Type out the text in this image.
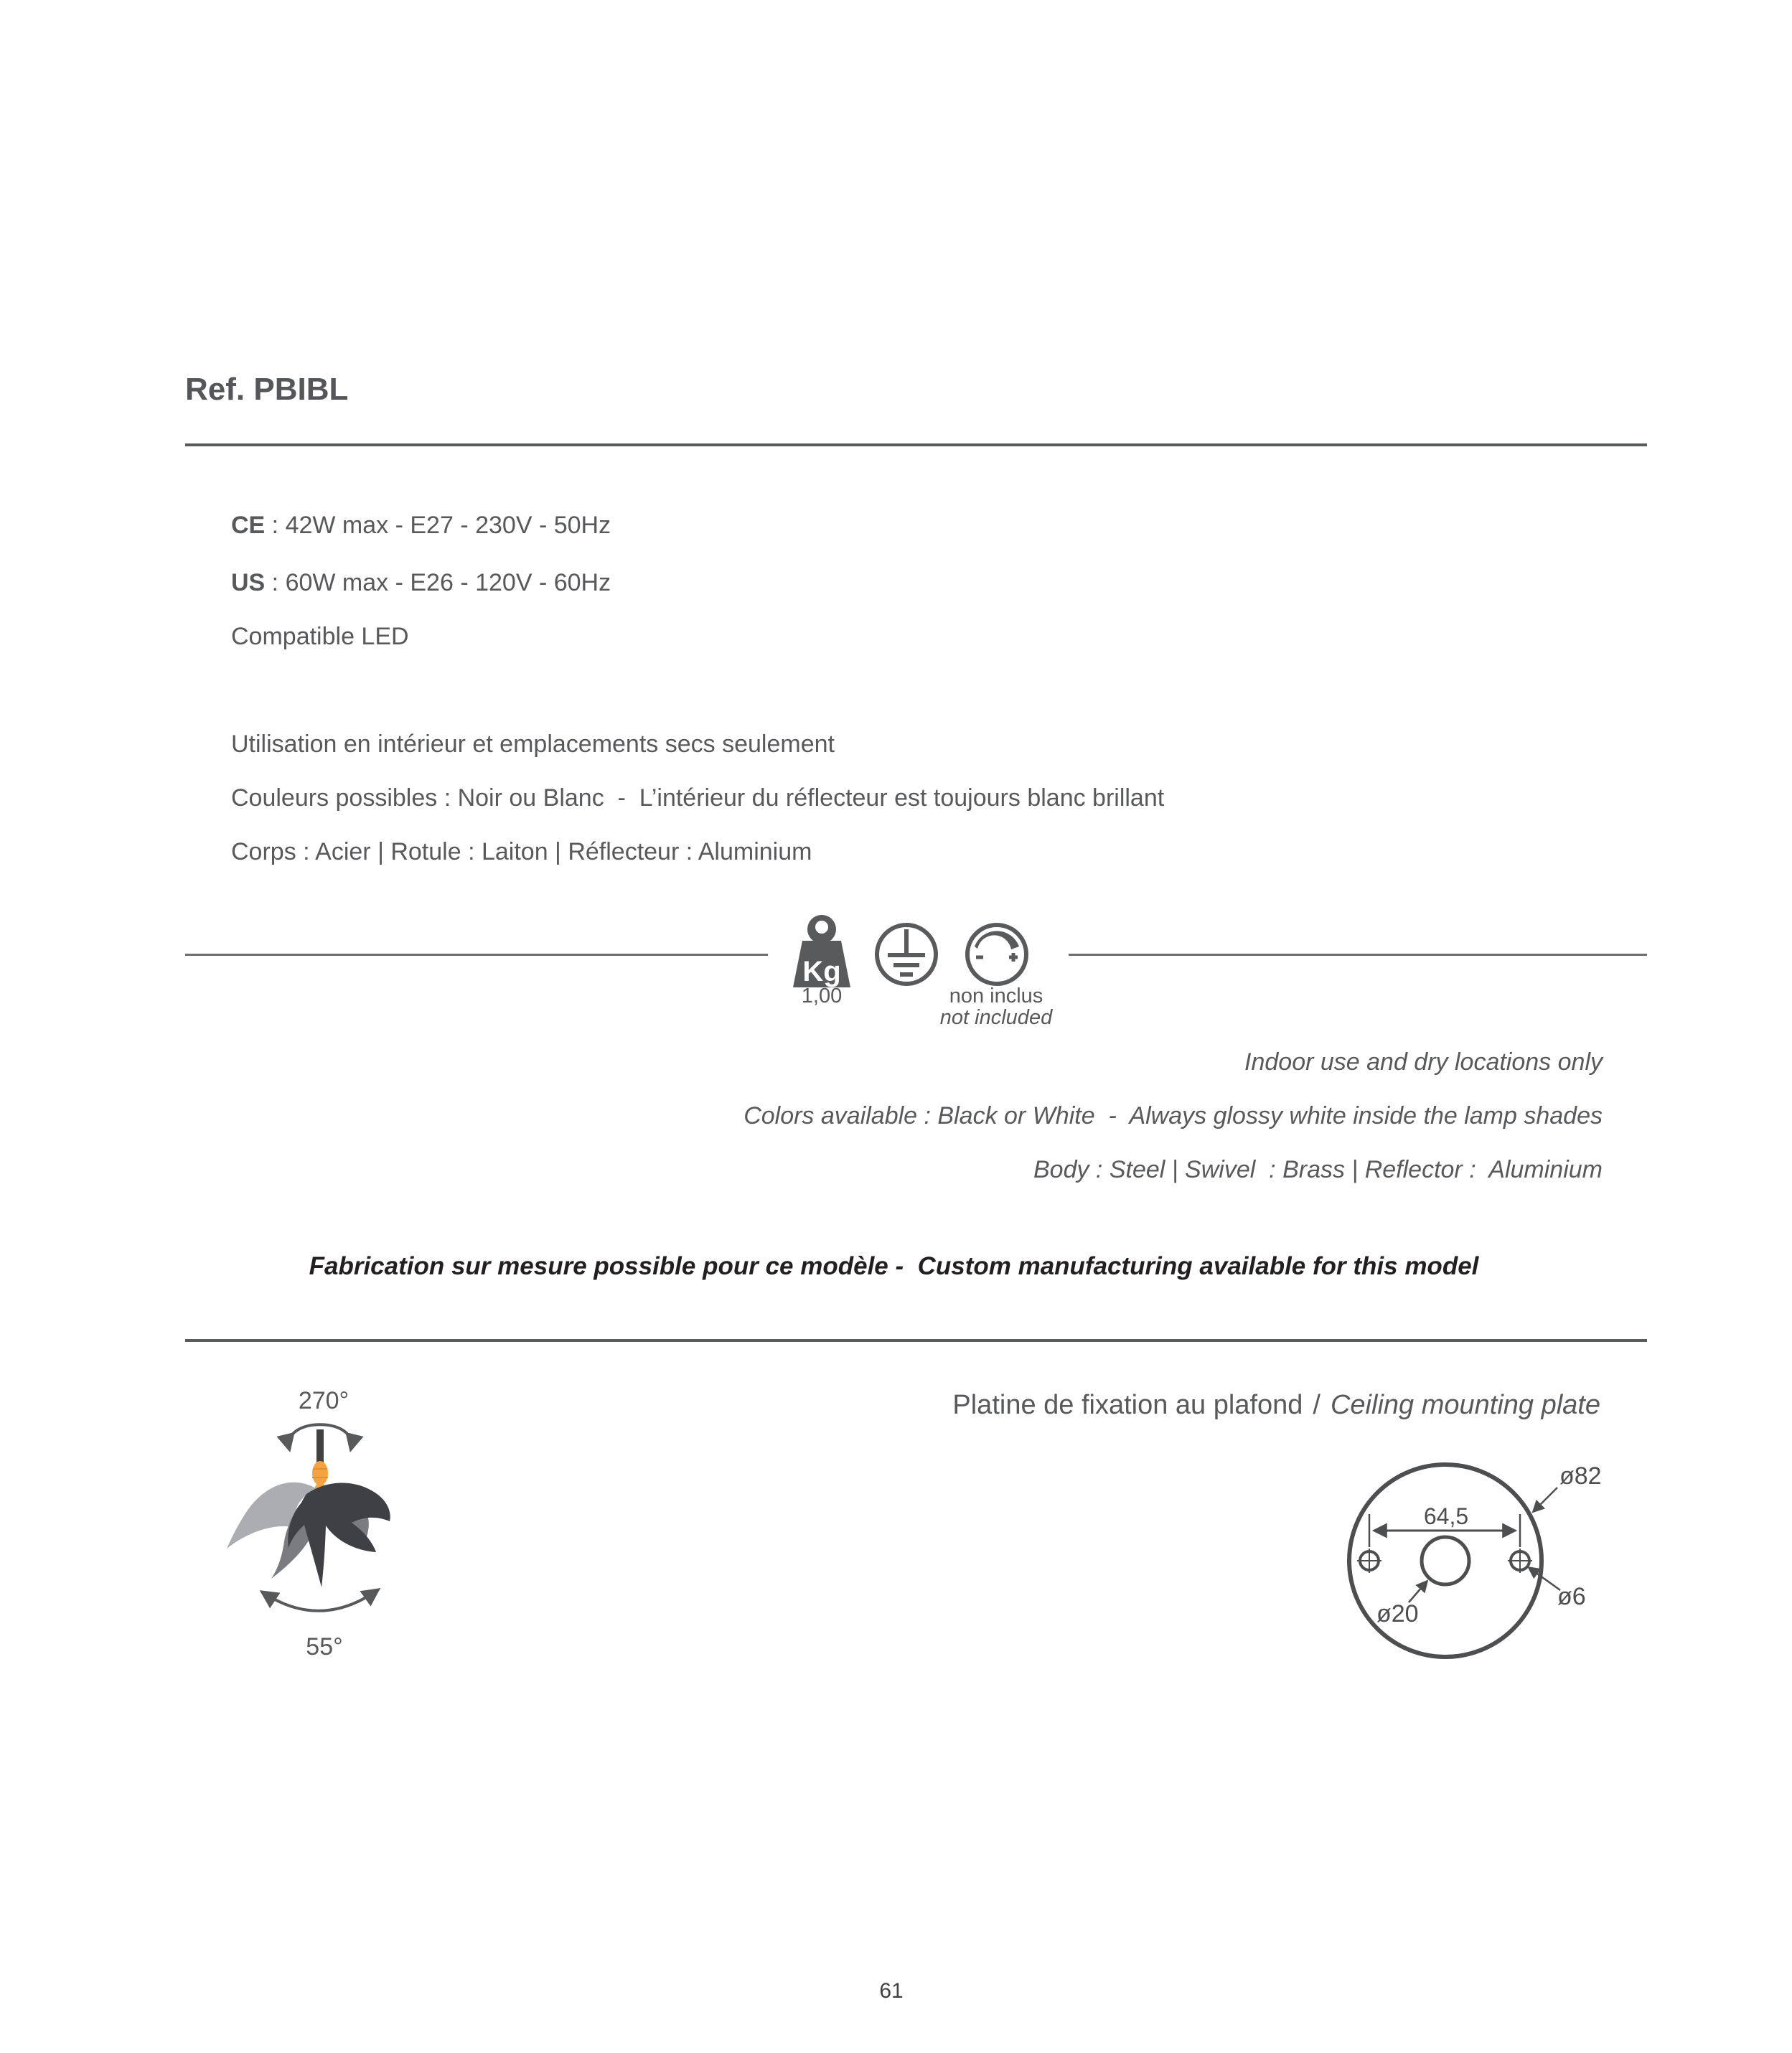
Ref. PBIBL
CE : 42W max - E27 - 230V - 50Hz
US : 60W max - E26 - 120V - 60Hz
Compatible LED
Utilisation en intérieur et emplacements secs seulement
Couleurs possibles : Noir ou Blanc  -  L’intérieur du réflecteur est toujours blanc brillant
Corps : Acier | Rotule : Laiton | Réflecteur : Aluminium
Kg
1,00	non inclus
not included
Indoor use and dry locations only
Colors available : Black or White  -  Always glossy white inside the lamp shades
Body : Steel | Swivel  : Brass | Reflector :  Aluminium
Fabrication sur mesure possible pour ce modèle -  Custom manufacturing available for this model
270°
55°
Platine de fixation au plafond / Ceiling mounting plate
64,5
ø82
ø20
ø6
61
